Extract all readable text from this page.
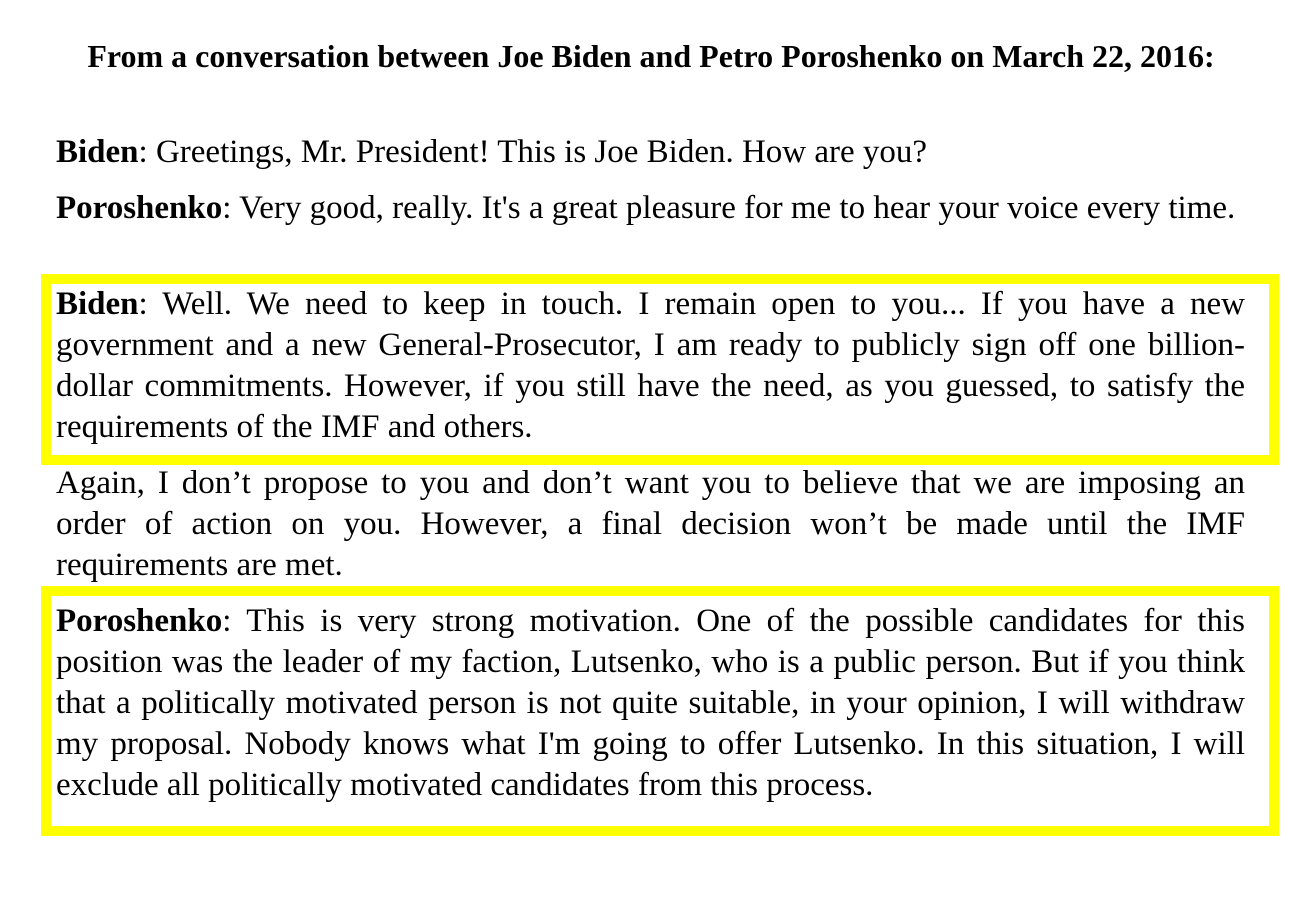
From a conversation between Joe Biden and Petro Poroshenko on March 22, 2016:

Biden: Greetings, Mr. President! This is Joe Biden. How are you?

Poroshenko: Very good, really. It's a great pleasure for me to hear your voice every time.

Biden: Well. We need to keep in touch. I remain open to you... If you have a new government and a new General-Prosecutor, I am ready to publicly sign off one billion-dollar commitments. However, if you still have the need, as you guessed, to satisfy the requirements of the IMF and others.

Again, I don’t propose to you and don’t want you to believe that we are imposing an order of action on you. However, a final decision won’t be made until the IMF requirements are met.

Poroshenko: This is very strong motivation. One of the possible candidates for this position was the leader of my faction, Lutsenko, who is a public person. But if you think that a politically motivated person is not quite suitable, in your opinion, I will withdraw my proposal. Nobody knows what I'm going to offer Lutsenko. In this situation, I will exclude all politically motivated candidates from this process.
